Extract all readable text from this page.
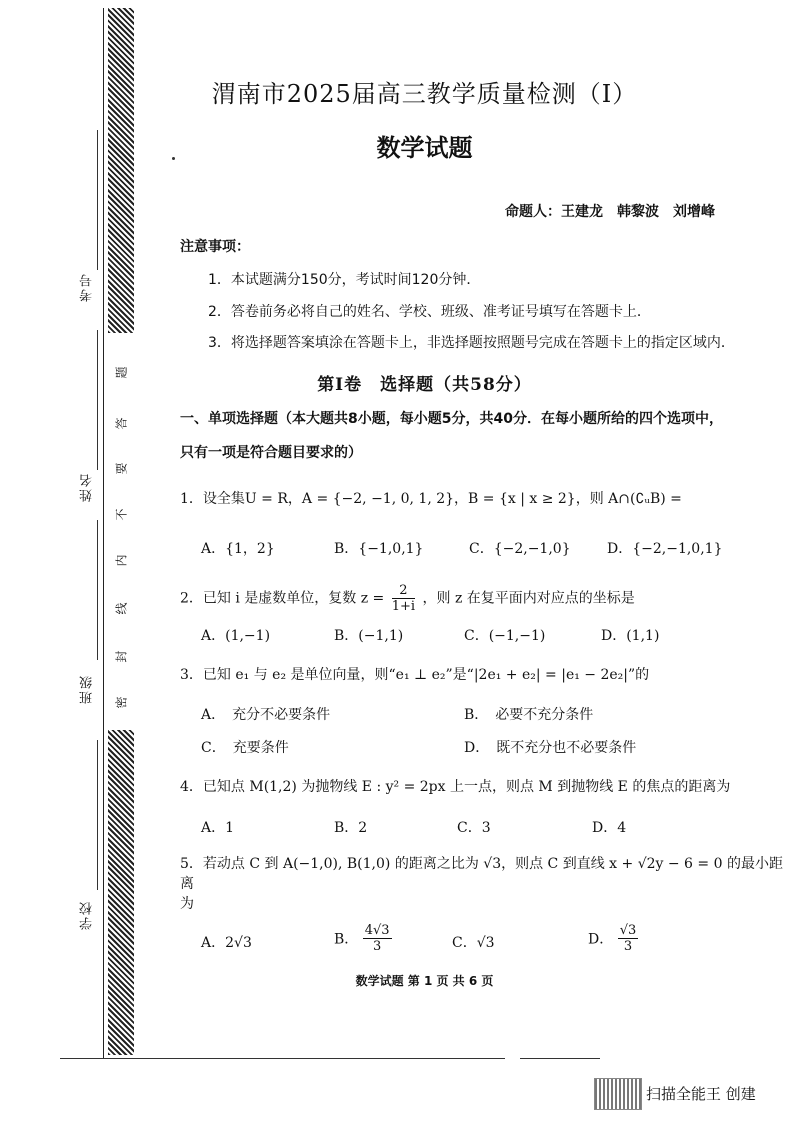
考号
姓名
班级
学校
题
答
要
不
内
线
封
密
渭南市2025届高三教学质量检测（Ⅰ）
数学试题
命题人：王建龙　韩黎波　刘增峰
注意事项：
1．本试题满分150分，考试时间120分钟．
2．答卷前务必将自己的姓名、学校、班级、准考证号填写在答题卡上．
3．将选择题答案填涂在答题卡上，非选择题按照题号完成在答题卡上的指定区域内．
第Ⅰ卷　选择题（共58分）
一、单项选择题（本大题共8小题，每小题5分，共40分．在每小题所给的四个选项中，
只有一项是符合题目要求的）
1．设全集U = R，A = {−2, −1, 0, 1, 2}，B = {x | x ≥ 2}，则 A∩(∁ᵤB) =
A．{1，2}	B．{−1,0,1}	C．{−2,−1,0}	D．{−2,−1,0,1}
2．已知 i 是虚数单位，复数 $z = \frac{2}{1+i}$ ，则 z 在复平面内对应点的坐标是
A．(1,−1)	B．(−1,1)	C．(−1,−1)	D．(1,1)
3．已知 e₁ 与 e₂ 是单位向量，则“e₁ ⊥ e₂”是“|2e₁ + e₂| = |e₁ − 2e₂|”的
A．　充分不必要条件	B．　必要不充分条件
C．　充要条件	D．　既不充分也不必要条件
4．已知点 M(1,2) 为抛物线 E : y² = 2px 上一点，则点 M 到抛物线 E 的焦点的距离为
A．1	B．2	C．3	D．4
5．若动点 C 到 A(−1,0), B(1,0) 的距离之比为 √3，则点 C 到直线 x + √2y − 6 = 0 的最小距离
为
A．2√3	B． $\frac{4√3}{3}$	C．√3	D． $\frac{√3}{3}$
数学试题 第 1 页 共 6 页
扫描全能王 创建
